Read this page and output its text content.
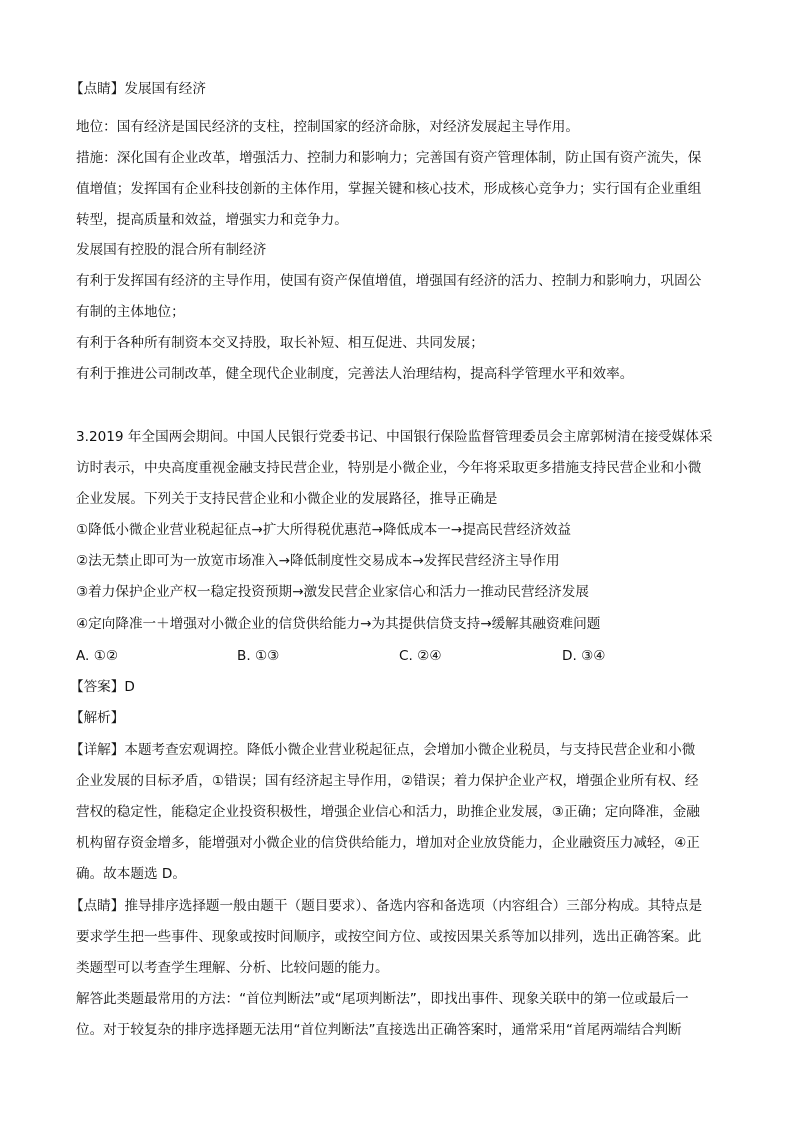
【点睛】发展国有经济
地位：国有经济是国民经济的支柱，控制国家的经济命脉，对经济发展起主导作用。
措施：深化国有企业改革，增强活力、控制力和影响力；完善国有资产管理体制，防止国有资产流失，保
值增值；发挥国有企业科技创新的主体作用，掌握关键和核心技术，形成核心竞争力；实行国有企业重组
转型，提高质量和效益，增强实力和竞争力。
发展国有控股的混合所有制经济
有利于发挥国有经济的主导作用，使国有资产保值增值，增强国有经济的活力、控制力和影响力，巩固公
有制的主体地位；
有利于各种所有制资本交叉持股，取长补短、相互促进、共同发展；
有利于推进公司制改革，健全现代企业制度，完善法人治理结构，提高科学管理水平和效率。
3.2019 年全国两会期间。中国人民银行党委书记、中国银行保险监督管理委员会主席郭树清在接受媒体采
访时表示，中央高度重视金融支持民营企业，特别是小微企业，今年将采取更多措施支持民营企业和小微
企业发展。下列关于支持民营企业和小微企业的发展路径，推导正确是
①降低小微企业营业税起征点→扩大所得税优惠范→降低成本一→提高民营经济效益
②法无禁止即可为一放宽市场准入→降低制度性交易成本→发挥民营经济主导作用
③着力保护企业产权一稳定投资预期→激发民营企业家信心和活力一推动民营经济发展
④定向降准一＋增强对小微企业的信贷供给能力→为其提供信贷支持→缓解其融资难问题
A. ①②	B. ①③	C. ②④	D. ③④
【答案】D
【解析】
【详解】本题考查宏观调控。降低小微企业营业税起征点，会增加小微企业税员，与支持民营企业和小微
企业发展的目标矛盾，①错误；国有经济起主导作用，②错误；着力保护企业产权，增强企业所有权、经
营权的稳定性，能稳定企业投资积极性，增强企业信心和活力，助推企业发展，③正确；定向降准，金融
机构留存资金增多，能增强对小微企业的信贷供给能力，增加对企业放贷能力，企业融资压力减轻，④正
确。故本题选 D。
【点睛】推导排序选择题一般由题干（题目要求）、备选内容和备选项（内容组合）三部分构成。其特点是
要求学生把一些事件、现象或按时间顺序，或按空间方位、或按因果关系等加以排列，选出正确答案。此
类题型可以考查学生理解、分析、比较问题的能力。
解答此类题最常用的方法：“首位判断法”或“尾项判断法”，即找出事件、现象关联中的第一位或最后一
位。对于较复杂的排序选择题无法用“首位判断法”直接选出正确答案时，通常采用“首尾两端结合判断
